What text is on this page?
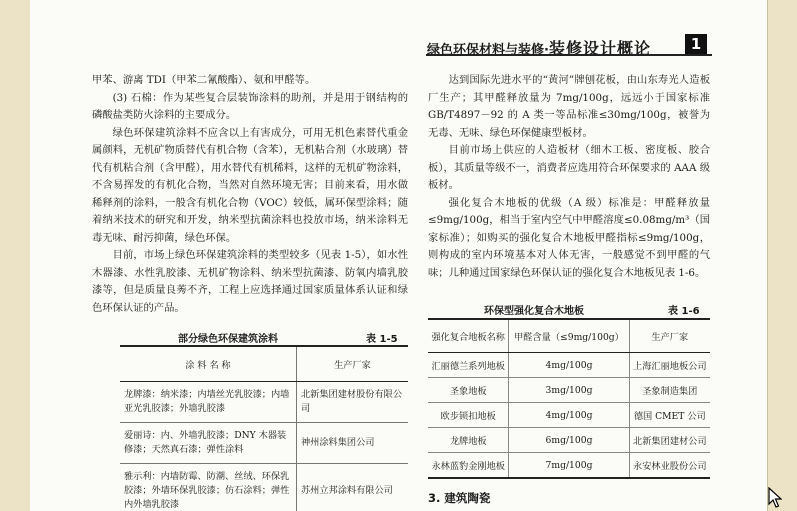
绿色环保材料与装修·装修设计概论	1

甲苯、游离 TDI（甲苯二氰酸酯）、氨和甲醛等。

(3) 石棉：作为某些复合层装饰涂料的助剂，并是用于钢结构的磷酸盐类防火涂料的主要成分。

绿色环保建筑涂料不应含以上有害成分，可用无机色素替代重金属颜料，无机矿物质替代有机合物（含苯），无机粘合剂（水玻璃）替代有机粘合剂（含甲醛），用水替代有机稀料，这样的无机矿物涂料，不含易挥发的有机化合物，当然对自然环境无害；目前来看，用水做稀释剂的涂料，一般含有机化合物（VOC）较低，属环保型涂料；随着纳米技术的研究和开发，纳米型抗菌涂料也投放市场，纳米涂料无毒无味、耐污抑菌，绿色环保。

目前，市场上绿色环保建筑涂料的类型较多（见表 1-5），如水性木器漆、水性乳胶漆、无机矿物涂料、纳米型抗菌漆、防氧内墙乳胶漆等，但是质量良莠不齐，工程上应选择通过国家质量体系认证和绿色环保认证的产品。

部分绿色环保建筑涂料	表 1-5
涂 料 名 称	生产厂家
龙牌漆：纳米漆；内墙丝光乳胶漆；内墙亚光乳胶漆；外墙乳胶漆	北新集团建材股份有限公司
爱丽诗：内、外墙乳胶漆；DNY 木器装修漆；天然真石漆；弹性涂料	神州涂料集团公司
雅示利：内墙防霉、防潮、丝绒、环保乳胶漆；外墙环保乳胶漆；仿石涂料；弹性内外墙乳胶漆	苏州立邦涂料有限公司

达到国际先进水平的“黄河”牌刨花板，由山东寿光人造板厂生产；其甲醛释放量为 7mg/100g，远远小于国家标准 GB/T4897－92 的 A 类一等品标准≤30mg/100g，被誉为无毒、无味、绿色环保健康型板材。

目前市场上供应的人造板材（细木工板、密度板、胶合板），其质量等级不一，消费者应选用符合环保要求的 AAA 级板材。

强化复合木地板的优级（A 级）标准是：甲醛释放量≤9mg/100g，相当于室内空气中甲醛溶度≤0.08mg/m³（国家标准）；如购买的强化复合木地板甲醛指标≤9mg/100g，则构成的室内环境基本对人体无害，一般感觉不到甲醛的气味；儿种通过国家绿色环保认证的强化复合木地板见表 1-6。

环保型强化复合木地板	表 1-6
强化复合地板名称	甲醛含量（≤9mg/100g）	生产厂家
汇丽德兰系列地板	4mg/100g	上海汇丽地板公司
圣象地板	3mg/100g	圣象制造集团
欧步锁扣地板	4mg/100g	德国 CMET 公司
龙牌地板	6mg/100g	北新集团建材公司
永林蓝豹金刚地板	7mg/100g	永安林业股份公司
3. 建筑陶瓷
